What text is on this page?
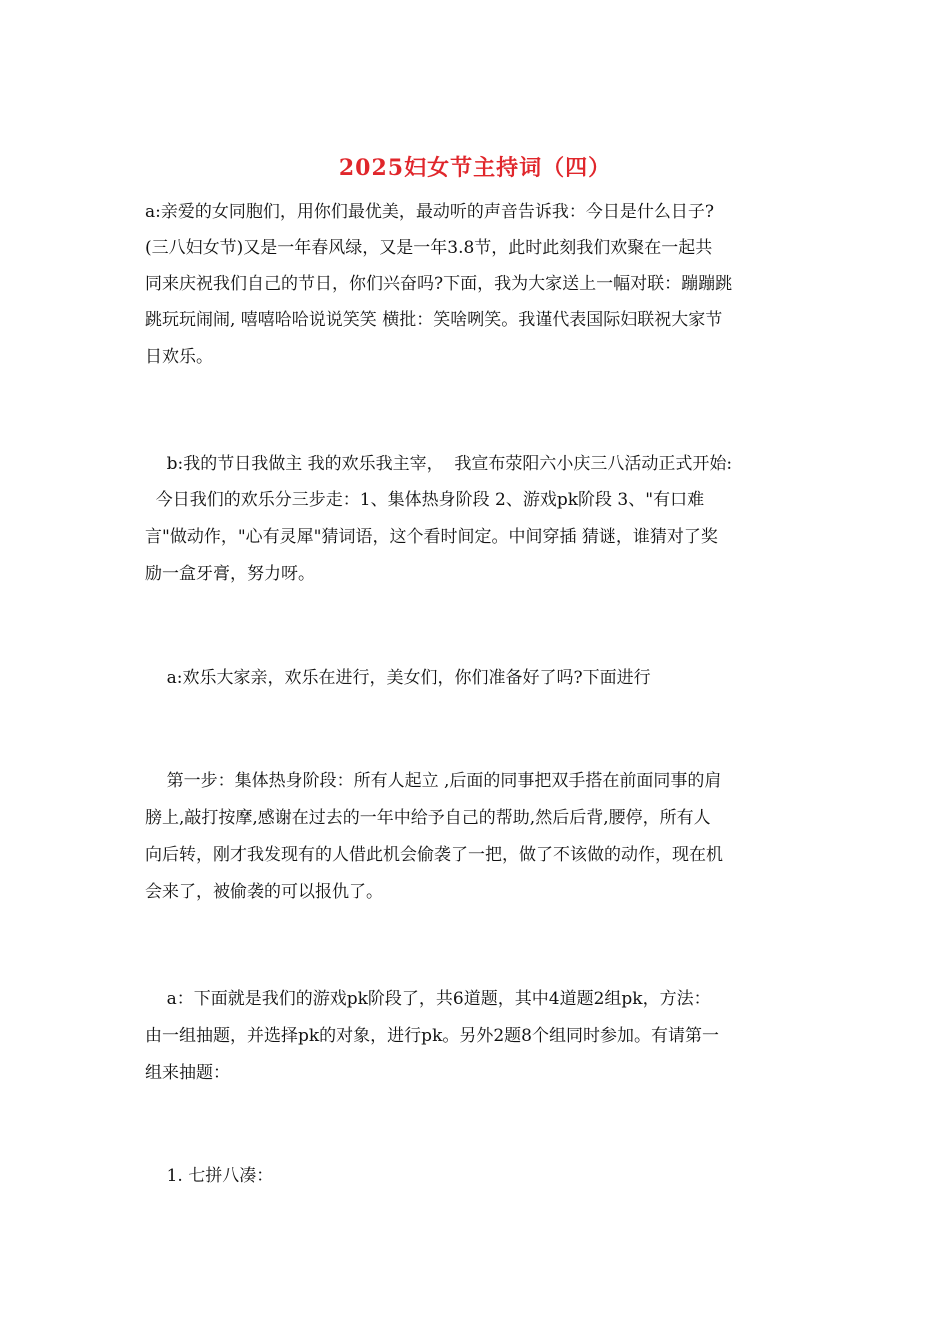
2025妇女节主持词（四）
a:亲爱的女同胞们，用你们最优美，最动听的声音告诉我：今日是什么日子?
(三八妇女节)又是一年春风绿，又是一年3.8节，此时此刻我们欢聚在一起共
同来庆祝我们自己的节日，你们兴奋吗?下面，我为大家送上一幅对联：蹦蹦跳
跳玩玩闹闹, 嘻嘻哈哈说说笑笑 横批：笑啥咧笑。我谨代表国际妇联祝大家节
日欢乐。
b:我的节日我做主 我的欢乐我主宰，  我宣布荥阳六小庆三八活动正式开始:
今日我们的欢乐分三步走：1、集体热身阶段 2、游戏pk阶段 3、"有口难
言"做动作，"心有灵犀"猜词语，这个看时间定。中间穿插 猜谜，谁猜对了奖
励一盒牙膏，努力呀。
a:欢乐大家亲，欢乐在进行，美女们，你们准备好了吗?下面进行
第一步：集体热身阶段：所有人起立 ,后面的同事把双手搭在前面同事的肩
膀上,敲打按摩,感谢在过去的一年中给予自己的帮助,然后后背,腰停，所有人
向后转，刚才我发现有的人借此机会偷袭了一把，做了不该做的动作，现在机
会来了，被偷袭的可以报仇了。
a：下面就是我们的游戏pk阶段了，共6道题，其中4道题2组pk，方法：
由一组抽题，并选择pk的对象，进行pk。另外2题8个组同时参加。有请第一
组来抽题：
1. 七拼八凑：
